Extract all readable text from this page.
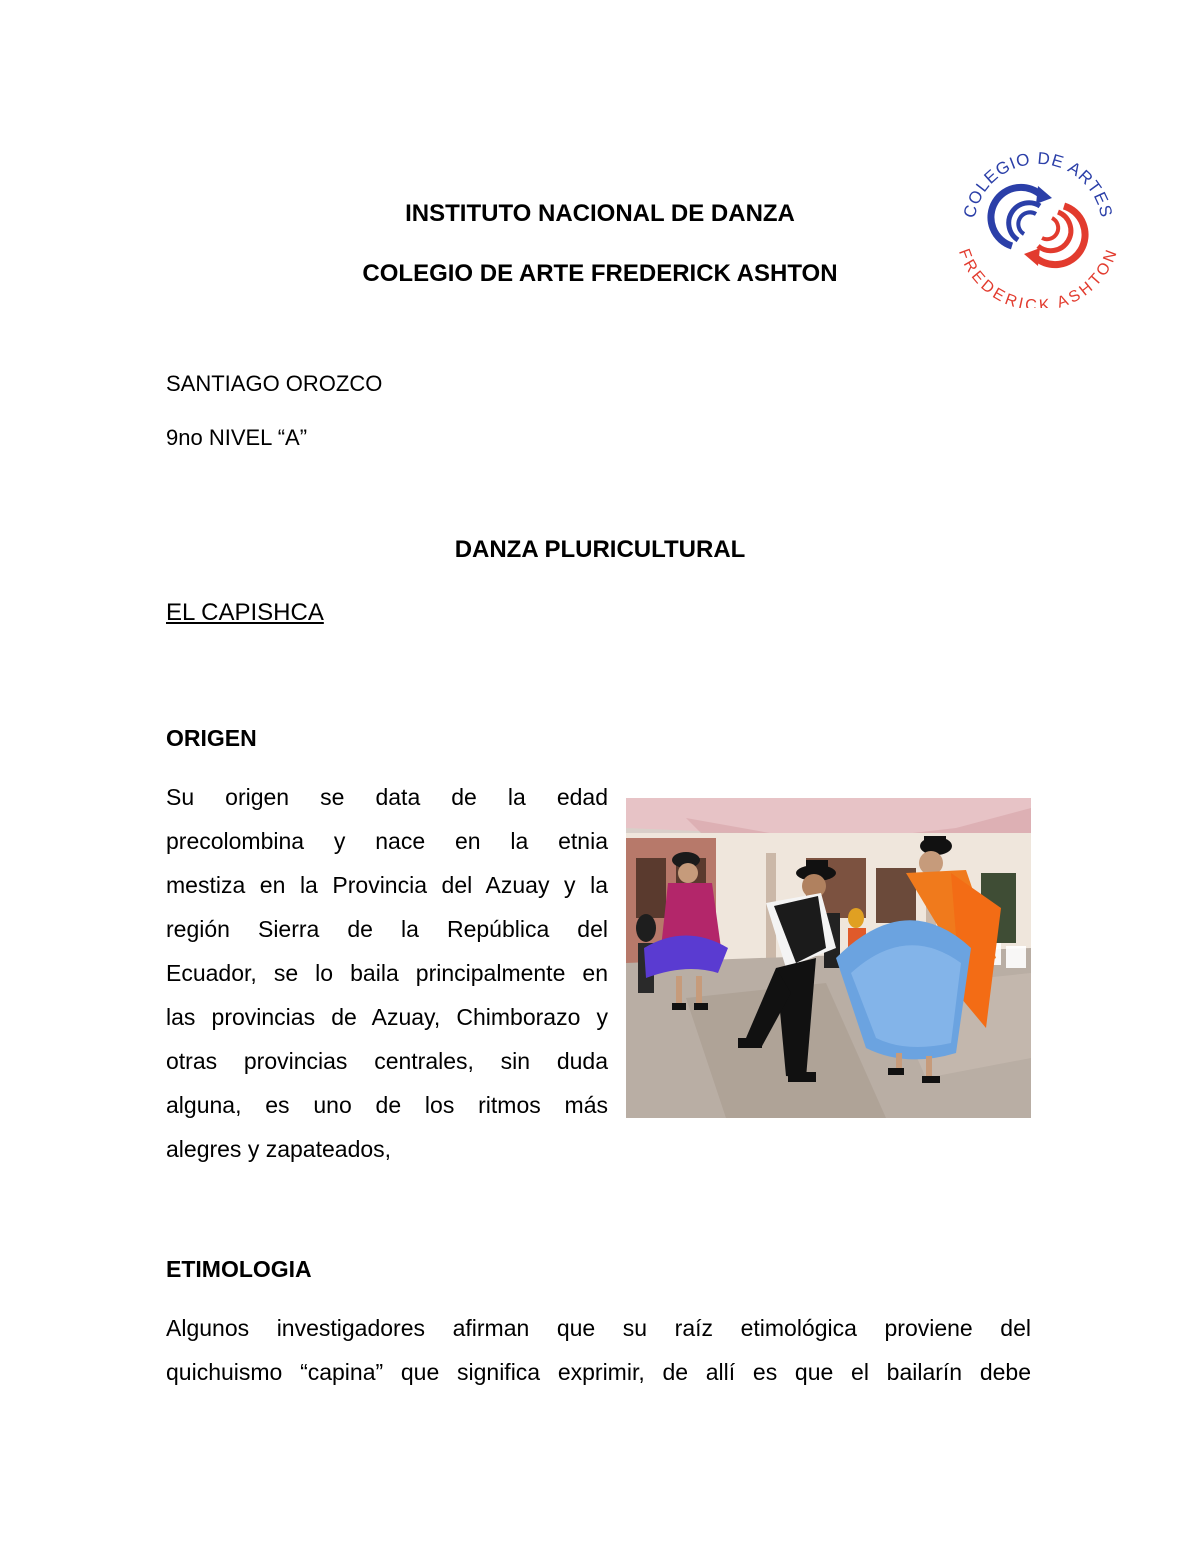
INSTITUTO NACIONAL DE DANZA
COLEGIO DE ARTE FREDERICK ASHTON
COLEGIO DE ARTES
FREDERICK ASHTON
SANTIAGO OROZCO
9no NIVEL “A”
DANZA PLURICULTURAL
EL CAPISHCA
ORIGEN

Su origen se data de la edad

precolombina y nace en la etnia

mestiza en la Provincia del Azuay y la

región Sierra de la República del

Ecuador, se lo baila principalmente en

las provincias de Azuay, Chimborazo y

otras provincias centrales, sin duda

alguna, es uno de los ritmos más

alegres y zapateados,

ETIMOLOGIA

Algunos investigadores afirman que su raíz etimológica proviene del

quichuismo “capina” que significa exprimir, de allí es que el bailarín debe
